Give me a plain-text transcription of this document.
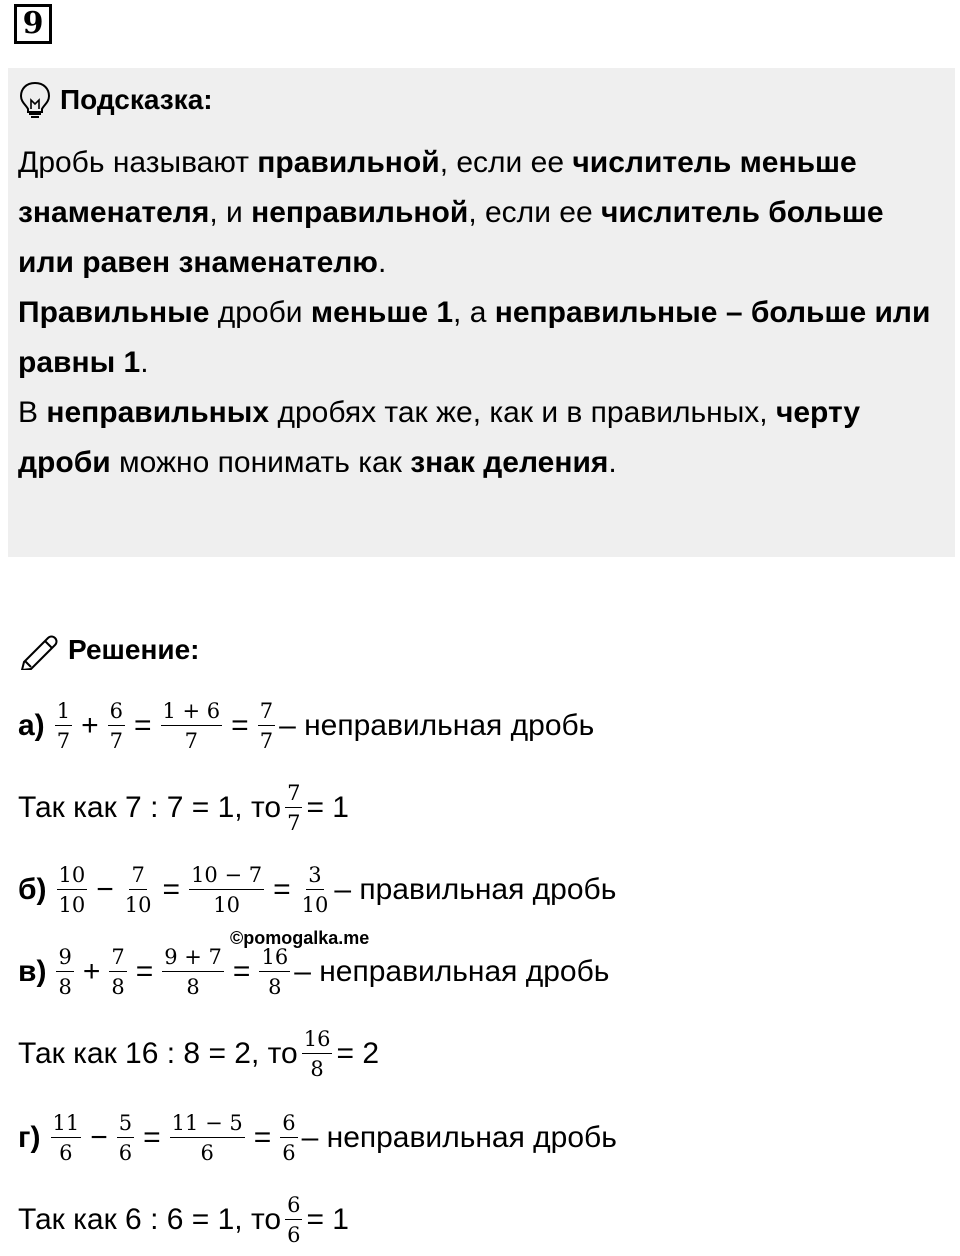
9
Подсказка:
Дробь называют правильной, если ее числитель меньше знаменателя, и неправильной, если ее числитель больше или равен знаменателю.
Правильные дроби меньше 1, а неправильные – больше или равны 1.
В неправильных дробях так же, как и в правильных, черту дроби можно понимать как знак деления.
Решение:
$а) \frac{1}{7} + \frac{6}{7} = \frac{1 + 6}{7} = \frac{7}{7}$ – неправильная дробь
Так как 7 : 7 = 1, то $\frac{7}{7} = 1$
$б) \frac{10}{10} - \frac{7}{10} = \frac{10 - 7}{10} = \frac{3}{10}$ – правильная дробь
©pomogalka.me
$в) \frac{9}{8} + \frac{7}{8} = \frac{9 + 7}{8} = \frac{16}{8}$ – неправильная дробь
Так как 16 : 8 = 2, то $\frac{16}{8} = 2$
$г) \frac{11}{6} - \frac{5}{6} = \frac{11 - 5}{6} = \frac{6}{6}$ – неправильная дробь
Так как 6 : 6 = 1, то $\frac{6}{6} = 1$
